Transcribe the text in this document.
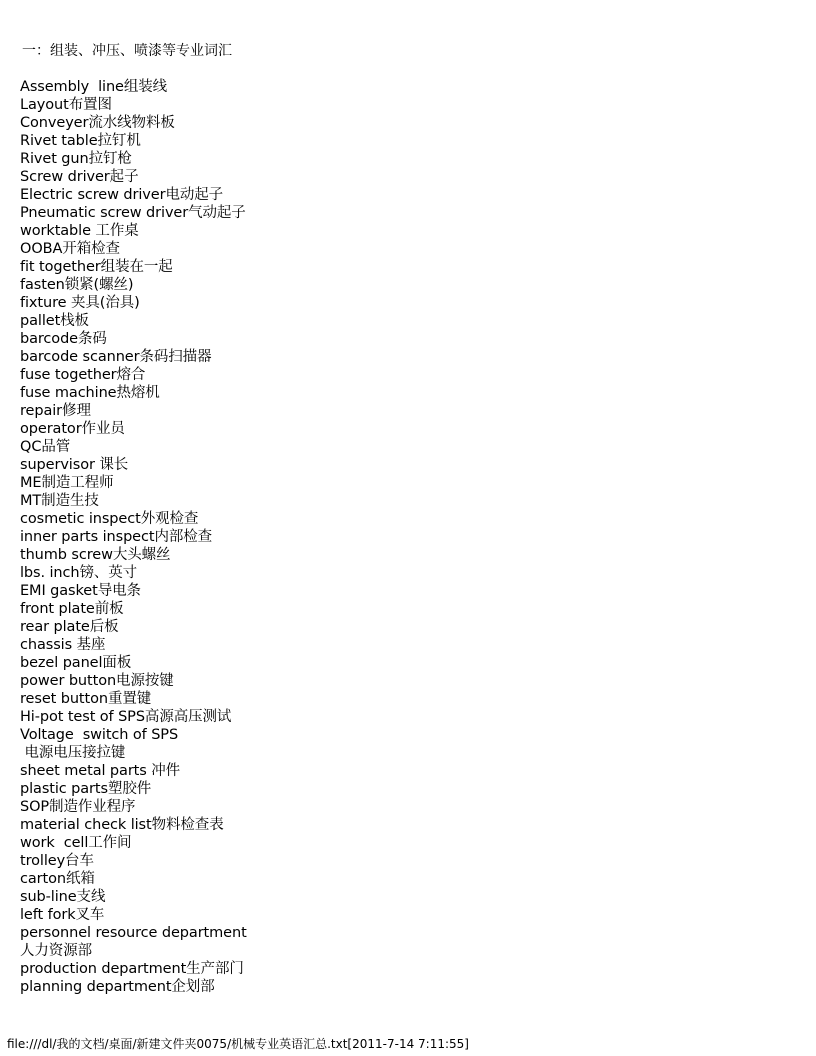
一：组装、冲压、喷漆等专业词汇
Assembly  line组装线
Layout布置图
Conveyer流水线物料板
Rivet table拉钉机
Rivet gun拉钉枪
Screw driver起子
Electric screw driver电动起子
Pneumatic screw driver气动起子
worktable 工作桌
OOBA开箱检查
fit together组装在一起
fasten锁紧(螺丝)
fixture 夹具(治具)
pallet栈板
barcode条码
barcode scanner条码扫描器
fuse together熔合
fuse machine热熔机
repair修理
operator作业员
QC品管
supervisor 课长
ME制造工程师
MT制造生技
cosmetic inspect外观检查
inner parts inspect内部检查
thumb screw大头螺丝
lbs. inch镑、英寸
EMI gasket导电条
front plate前板
rear plate后板
chassis 基座
bezel panel面板
power button电源按键
reset button重置键
Hi-pot test of SPS高源高压测试
Voltage  switch of SPS
电源电压接拉键
sheet metal parts 冲件
plastic parts塑胶件
SOP制造作业程序
material check list物料检查表
work  cell工作间
trolley台车
carton纸箱
sub-line支线
left fork叉车
personnel resource department
人力资源部
production department生产部门
planning department企划部
file:///dl/我的文档/桌面/新建文件夹0075/机械专业英语汇总.txt[2011-7-14 7:11:55]
